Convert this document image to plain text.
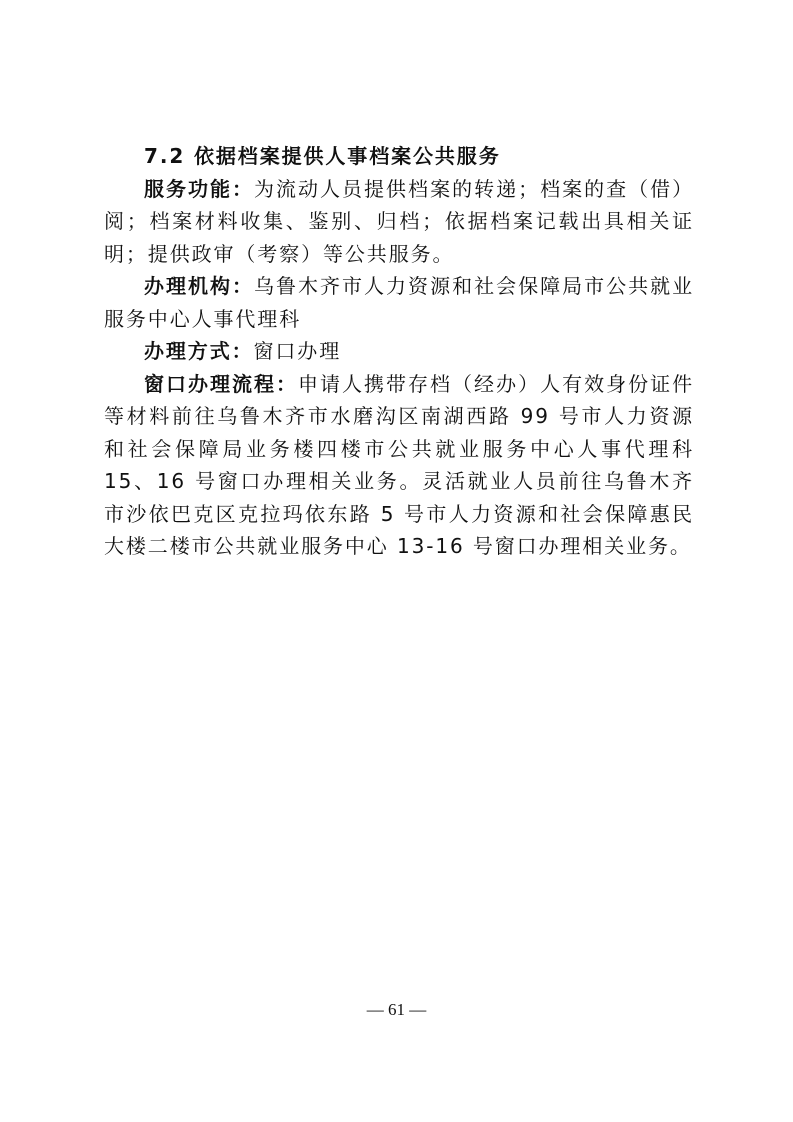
7.2 依据档案提供人事档案公共服务

服务功能：为流动人员提供档案的转递；档案的查（借）阅；档案材料收集、鉴别、归档；依据档案记载出具相关证明；提供政审（考察）等公共服务。

办理机构：乌鲁木齐市人力资源和社会保障局市公共就业服务中心人事代理科

办理方式：窗口办理

窗口办理流程：申请人携带存档（经办）人有效身份证件等材料前往乌鲁木齐市水磨沟区南湖西路 99 号市人力资源和社会保障局业务楼四楼市公共就业服务中心人事代理科 15、16 号窗口办理相关业务。灵活就业人员前往乌鲁木齐市沙依巴克区克拉玛依东路 5 号市人力资源和社会保障惠民大楼二楼市公共就业服务中心 13-16 号窗口办理相关业务。

— 61 —
